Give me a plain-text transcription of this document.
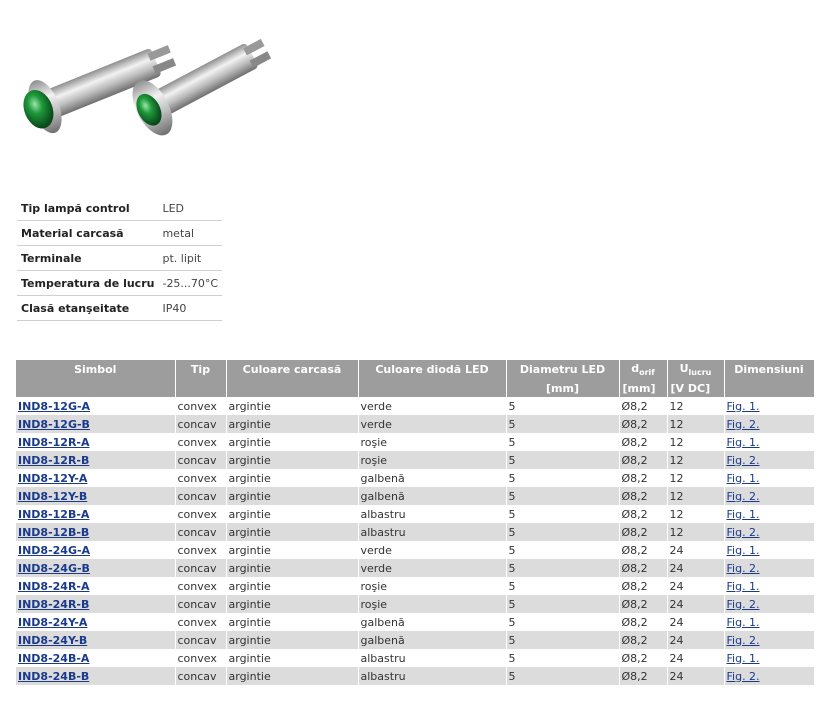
Tip lampă control	LED
Material carcasă	metal
Terminale	pt. lipit
Temperatura de lucru	-25...70°C
Clasă etanşeitate	IP40
Simbol	Tip	Culoare carcasă	Culoare diodă LED	Diametru LED	$d_{orif}$	$U_{lucru}$	Dimensiuni
				[mm]	[mm]	[V DC]	
IND8-12G-A	convex	argintie	verde	5	Ø8,2	12	Fig. 1.
IND8-12G-B	concav	argintie	verde	5	Ø8,2	12	Fig. 2.
IND8-12R-A	convex	argintie	roşie	5	Ø8,2	12	Fig. 1.
IND8-12R-B	concav	argintie	roşie	5	Ø8,2	12	Fig. 2.
IND8-12Y-A	convex	argintie	galbenă	5	Ø8,2	12	Fig. 1.
IND8-12Y-B	concav	argintie	galbenă	5	Ø8,2	12	Fig. 2.
IND8-12B-A	convex	argintie	albastru	5	Ø8,2	12	Fig. 1.
IND8-12B-B	concav	argintie	albastru	5	Ø8,2	12	Fig. 2.
IND8-24G-A	convex	argintie	verde	5	Ø8,2	24	Fig. 1.
IND8-24G-B	concav	argintie	verde	5	Ø8,2	24	Fig. 2.
IND8-24R-A	convex	argintie	roşie	5	Ø8,2	24	Fig. 1.
IND8-24R-B	concav	argintie	roşie	5	Ø8,2	24	Fig. 2.
IND8-24Y-A	convex	argintie	galbenă	5	Ø8,2	24	Fig. 1.
IND8-24Y-B	concav	argintie	galbenă	5	Ø8,2	24	Fig. 2.
IND8-24B-A	convex	argintie	albastru	5	Ø8,2	24	Fig. 1.
IND8-24B-B	concav	argintie	albastru	5	Ø8,2	24	Fig. 2.
